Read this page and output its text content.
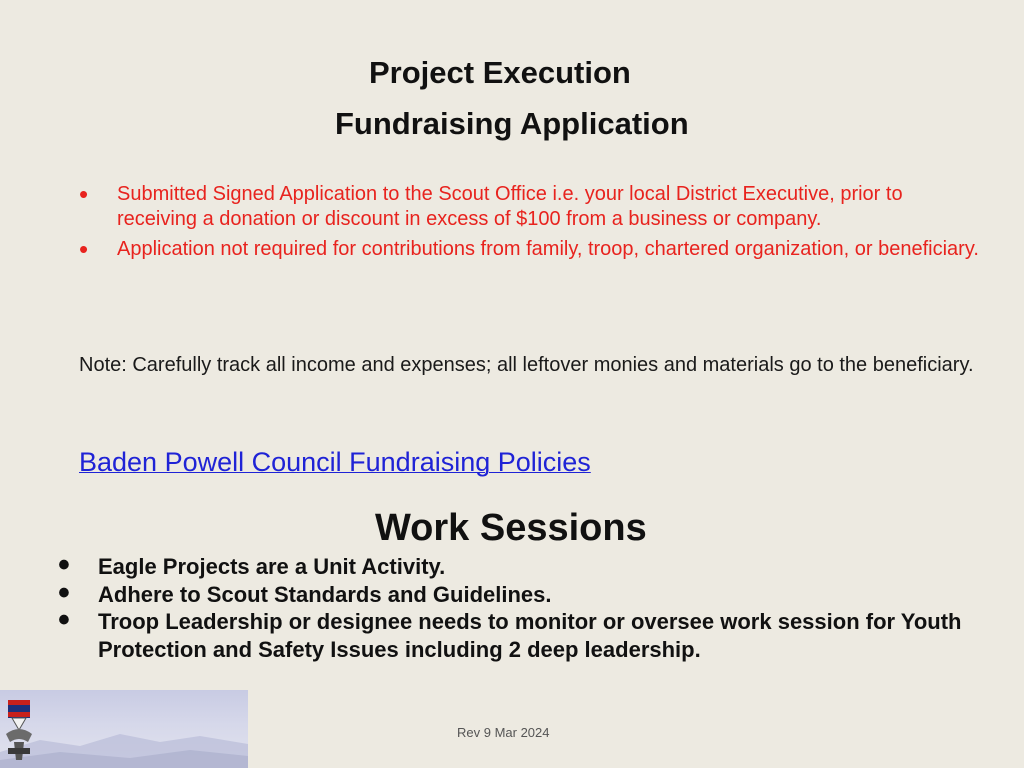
Project Execution
Fundraising Application
• Submitted Signed Application to the Scout Office i.e. your local District Executive, prior to receiving a donation or discount in excess of $100 from a business or company.
• Application not required for contributions from family, troop, chartered organization, or beneficiary.

Note: Carefully track all income and expenses; all leftover monies and materials go to the beneficiary.

Baden Powell Council Fundraising Policies
Work Sessions
• Eagle Projects are a Unit Activity.
• Adhere to Scout Standards and Guidelines.
• Troop Leadership or designee needs to monitor or oversee work session for Youth Protection and Safety Issues including 2 deep leadership.
Rev 9 Mar 2024
